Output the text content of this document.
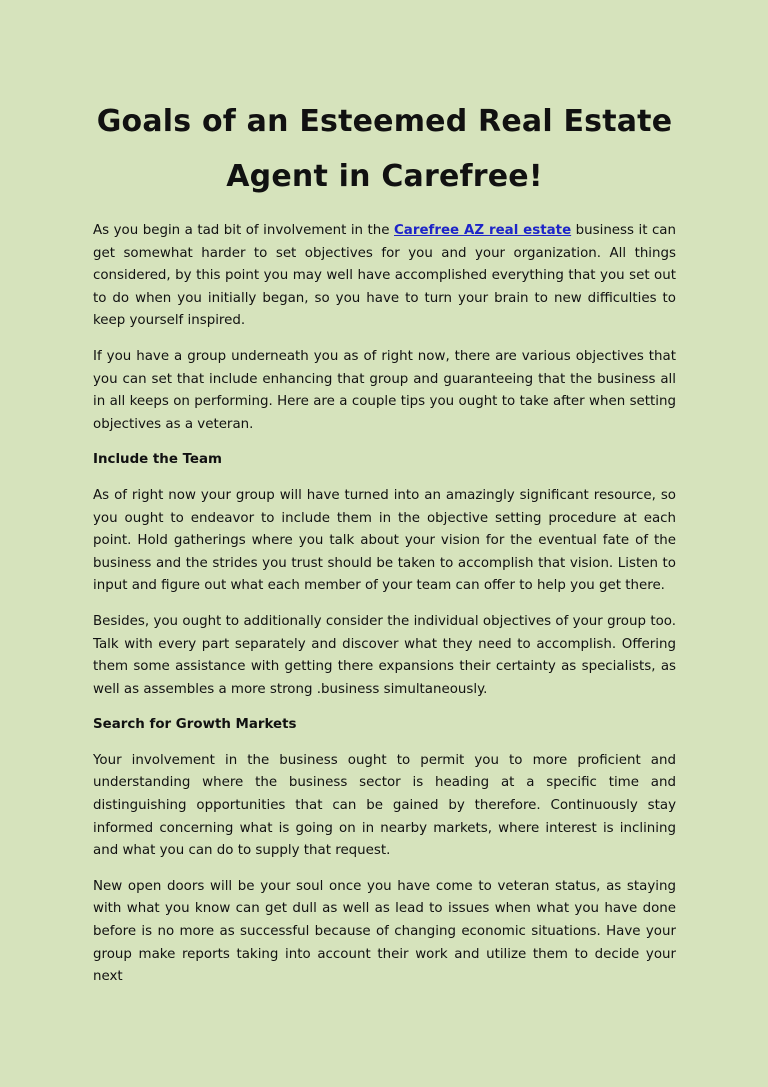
Goals of an Esteemed Real Estate
Agent in Carefree!

As you begin a tad bit of involvement in the Carefree AZ real estate business it can get somewhat harder to set objectives for you and your organization. All things considered, by this point you may well have accomplished everything that you set out to do when you initially began, so you have to turn your brain to new difficulties to keep yourself inspired.

If you have a group underneath you as of right now, there are various objectives that you can set that include enhancing that group and guaranteeing that the business all in all keeps on performing. Here are a couple tips you ought to take after when setting objectives as a veteran.

Include the Team

As of right now your group will have turned into an amazingly significant resource, so you ought to endeavor to include them in the objective setting procedure at each point. Hold gatherings where you talk about your vision for the eventual fate of the business and the strides you trust should be taken to accomplish that vision. Listen to input and figure out what each member of your team can offer to help you get there.

Besides, you ought to additionally consider the individual objectives of your group too. Talk with every part separately and discover what they need to accomplish. Offering them some assistance with getting there expansions their certainty as specialists, as well as assembles a more strong .business simultaneously.

Search for Growth Markets

Your involvement in the business ought to permit you to more proficient and understanding where the business sector is heading at a specific time and distinguishing opportunities that can be gained by therefore. Continuously stay informed concerning what is going on in nearby markets, where interest is inclining and what you can do to supply that request.

New open doors will be your soul once you have come to veteran status, as staying with what you know can get dull as well as lead to issues when what you have done before is no more as successful because of changing economic situations. Have your group make reports taking into account their work and utilize them to decide your next
